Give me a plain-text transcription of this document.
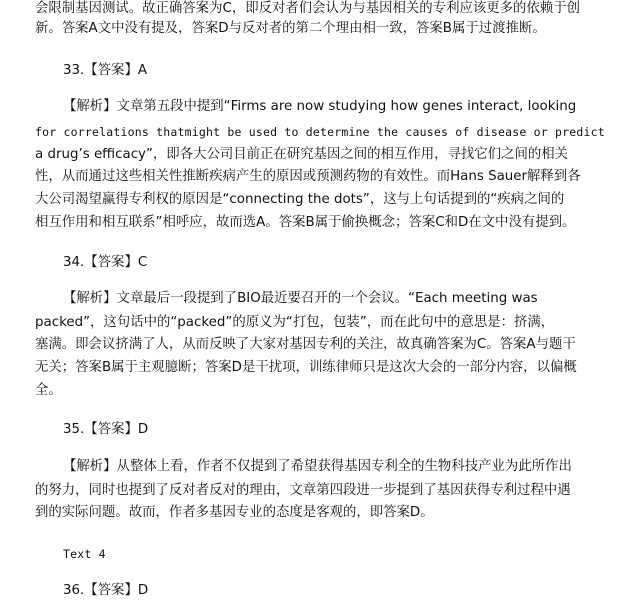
会限制基因测试。故正确答案为C，即反对者们会认为与基因相关的专利应该更多的依赖于创
新。答案A文中没有提及，答案D与反对者的第二个理由相一致，答案B属于过渡推断。
33.【答案】A
【解析】文章第五段中提到“Firms are now studying how genes interact, looking
for correlations thatmight be used to determine the causes of disease or predict
a drug’s efficacy”，即各大公司目前正在研究基因之间的相互作用，寻找它们之间的相关
性，从而通过这些相关性推断疾病产生的原因或预测药物的有效性。而Hans Sauer解释到各
大公司渴望赢得专利权的原因是“connecting the dots”，这与上句话提到的“疾病之间的
相互作用和相互联系”相呼应，故而选A。答案B属于偷换概念；答案C和D在文中没有提到。
34.【答案】C
【解析】文章最后一段提到了BIO最近要召开的一个会议。“Each meeting was
packed”，这句话中的“packed”的原义为“打包，包装”，而在此句中的意思是：挤满，
塞满。即会议挤满了人，从而反映了大家对基因专利的关注，故真确答案为C。答案A与题干
无关；答案B属于主观臆断；答案D是干扰项，训练律师只是这次大会的一部分内容，以偏概
全。
35.【答案】D
【解析】从整体上看，作者不仅提到了希望获得基因专利全的生物科技产业为此所作出
的努力，同时也提到了反对者反对的理由，文章第四段进一步提到了基因获得专利过程中遇
到的实际问题。故而，作者多基因专业的态度是客观的，即答案D。
Text 4
36.【答案】D
